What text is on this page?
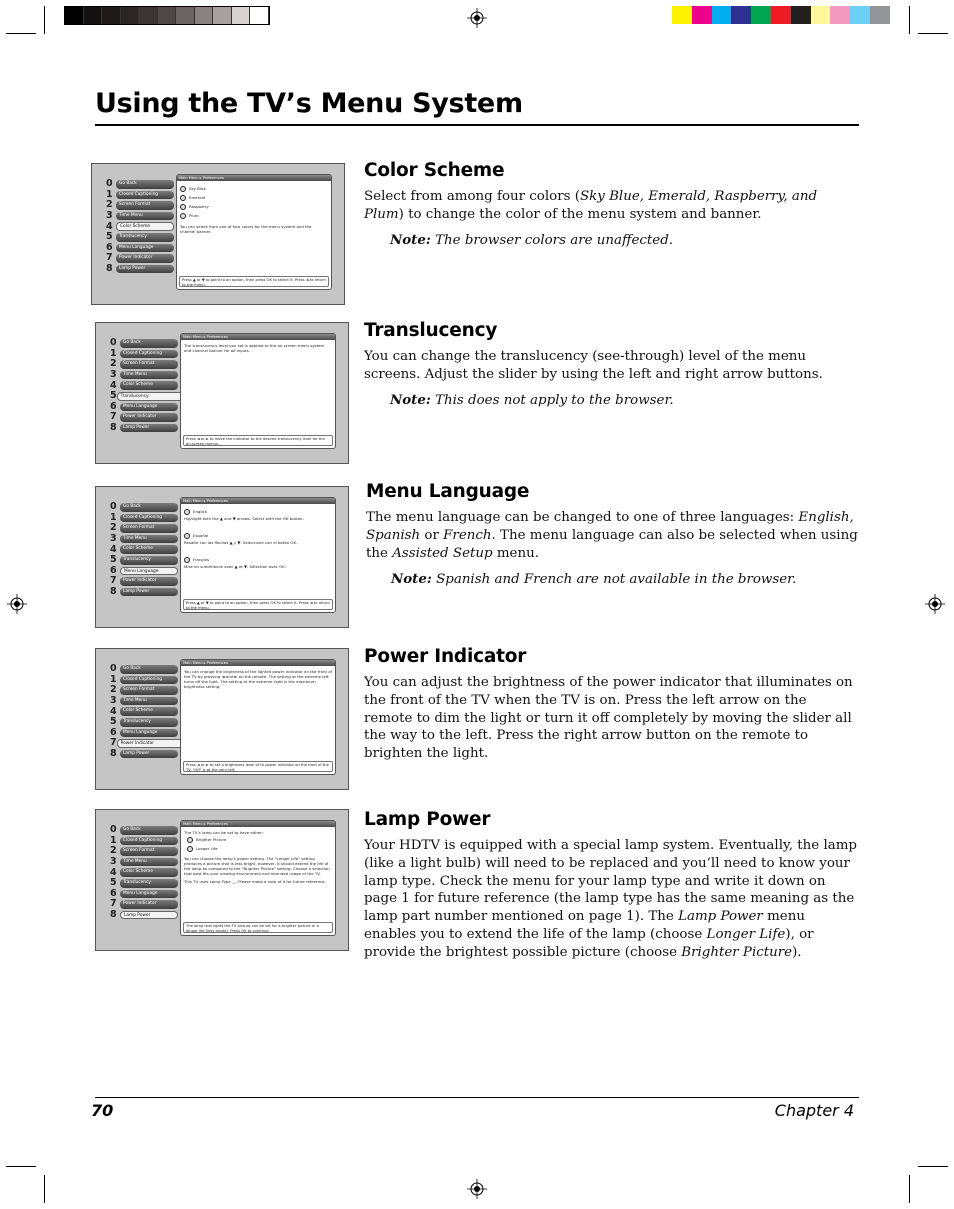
Using the TV’s Menu System
0	Go Back
1	Closed Captioning
2	Screen Format
3	Time Menu
4	Color Scheme
5	Translucency
6	Menu Language
7	Power Indicator
8	Lamp Power
Main Menu ▸ Preferences
Sky Blue
Emerald
Raspberry
Plum
You can select from one of four colors for the menu system and the channel banner.
Press ▲ or ▼ to point to an option, then press OK to select it. Press ◄ to return to the menu.
Color Scheme

Select from among four colors (Sky Blue, Emerald, Raspberry, and Plum) to change the color of the menu system and banner.

Note: The browser colors are unaffected.

0	Go Back
1	Closed Captioning
2	Screen Format
3	Time Menu
4	Color Scheme
5 Translucency
6	Menu Language
7	Power Indicator
8	Lamp Power
Main Menu ▸ Preferences
The translucency level you set is applied to the on-screen menu system and channel banner for all inputs.
Press ◄ or ► to move the indicator to the desired translucency level for the on-screen menus.
Translucency

You can change the translucency (see-through) level of the menu screens. Adjust the slider by using the left and right arrow buttons.

Note: This does not apply to the browser.

0	Go Back
1	Closed Captioning
2	Screen Format
3	Time Menu
4	Color Scheme
5	Translucency
6	Menu Language
7	Power Indicator
8	Lamp Power
Main Menu ▸ Preferences
English
Highlight with the ▲ and ▼ arrows. Select with the OK button.
Español
Resalte con las flechas ▲ y ▼. Seleccione con el botón OK.
Français
Mise en surbrillance avec ▲ et ▼. Sélection avec OK.
Press ▲ or ▼ to point to an option, then press OK to select it. Press ◄ to return to the menu.
Menu Language

The menu language can be changed to one of three languages: English, Spanish or French. The menu language can also be selected when using the Assisted Setup menu.

Note: Spanish and French are not available in the browser.

0	Go Back
1	Closed Captioning
2	Screen Format
3	Time Menu
4	Color Scheme
5	Translucency
6	Menu Language
7 Power Indicator
8	Lamp Power
Main Menu ▸ Preferences
You can change the brightness of the lighted power indicator on the front of the TV by pressing ◄ and ► on the remote. The setting at the extreme left turns off the light. The setting at the extreme right is the maximum brightness setting.
Press ◄ or ► to set a brightness level of th power indicator on the front of the TV. "Off" is at the very left.
Power Indicator

You can adjust the brightness of the power indicator that illuminates on the front of the TV when the TV is on. Press the left arrow on the remote to dim the light or turn it off completely by moving the slider all the way to the left. Press the right arrow button on the remote to brighten the light.

0	Go Back
1	Closed Captioning
2	Screen Format
3	Time Menu
4	Color Scheme
5	Translucency
6	Menu Language
7	Power Indicator
8	Lamp Power
Main Menu ▸ Preferences
The TV’s lamp can be set to have either:
Brighter Picture
Longer Life
You can choose the lamp’s power setting. The "Longer Life" setting produces a picture that is less bright, however, it should extend the life of the lamp as compared to the "Brighter Picture" setting. Choose a selection that best fits your viewing environment and intended usage of the TV.
This TV uses Lamp Type __. Please make a note of it for future reference.
The lamp that lights the TV picture can be set for a brighter picture or a longer life (less bright). Press OK to continue.
Lamp Power

Your HDTV is equipped with a special lamp system. Eventually, the lamp (like a light bulb) will need to be replaced and you’ll need to know your lamp type. Check the menu for your lamp type and write it down on page 1 for future reference (the lamp type has the same meaning as the lamp part number mentioned on page 1). The Lamp Power menu enables you to extend the life of the lamp (choose Longer Life), or provide the brightest possible picture (choose Brighter Picture).

70	Chapter 4
